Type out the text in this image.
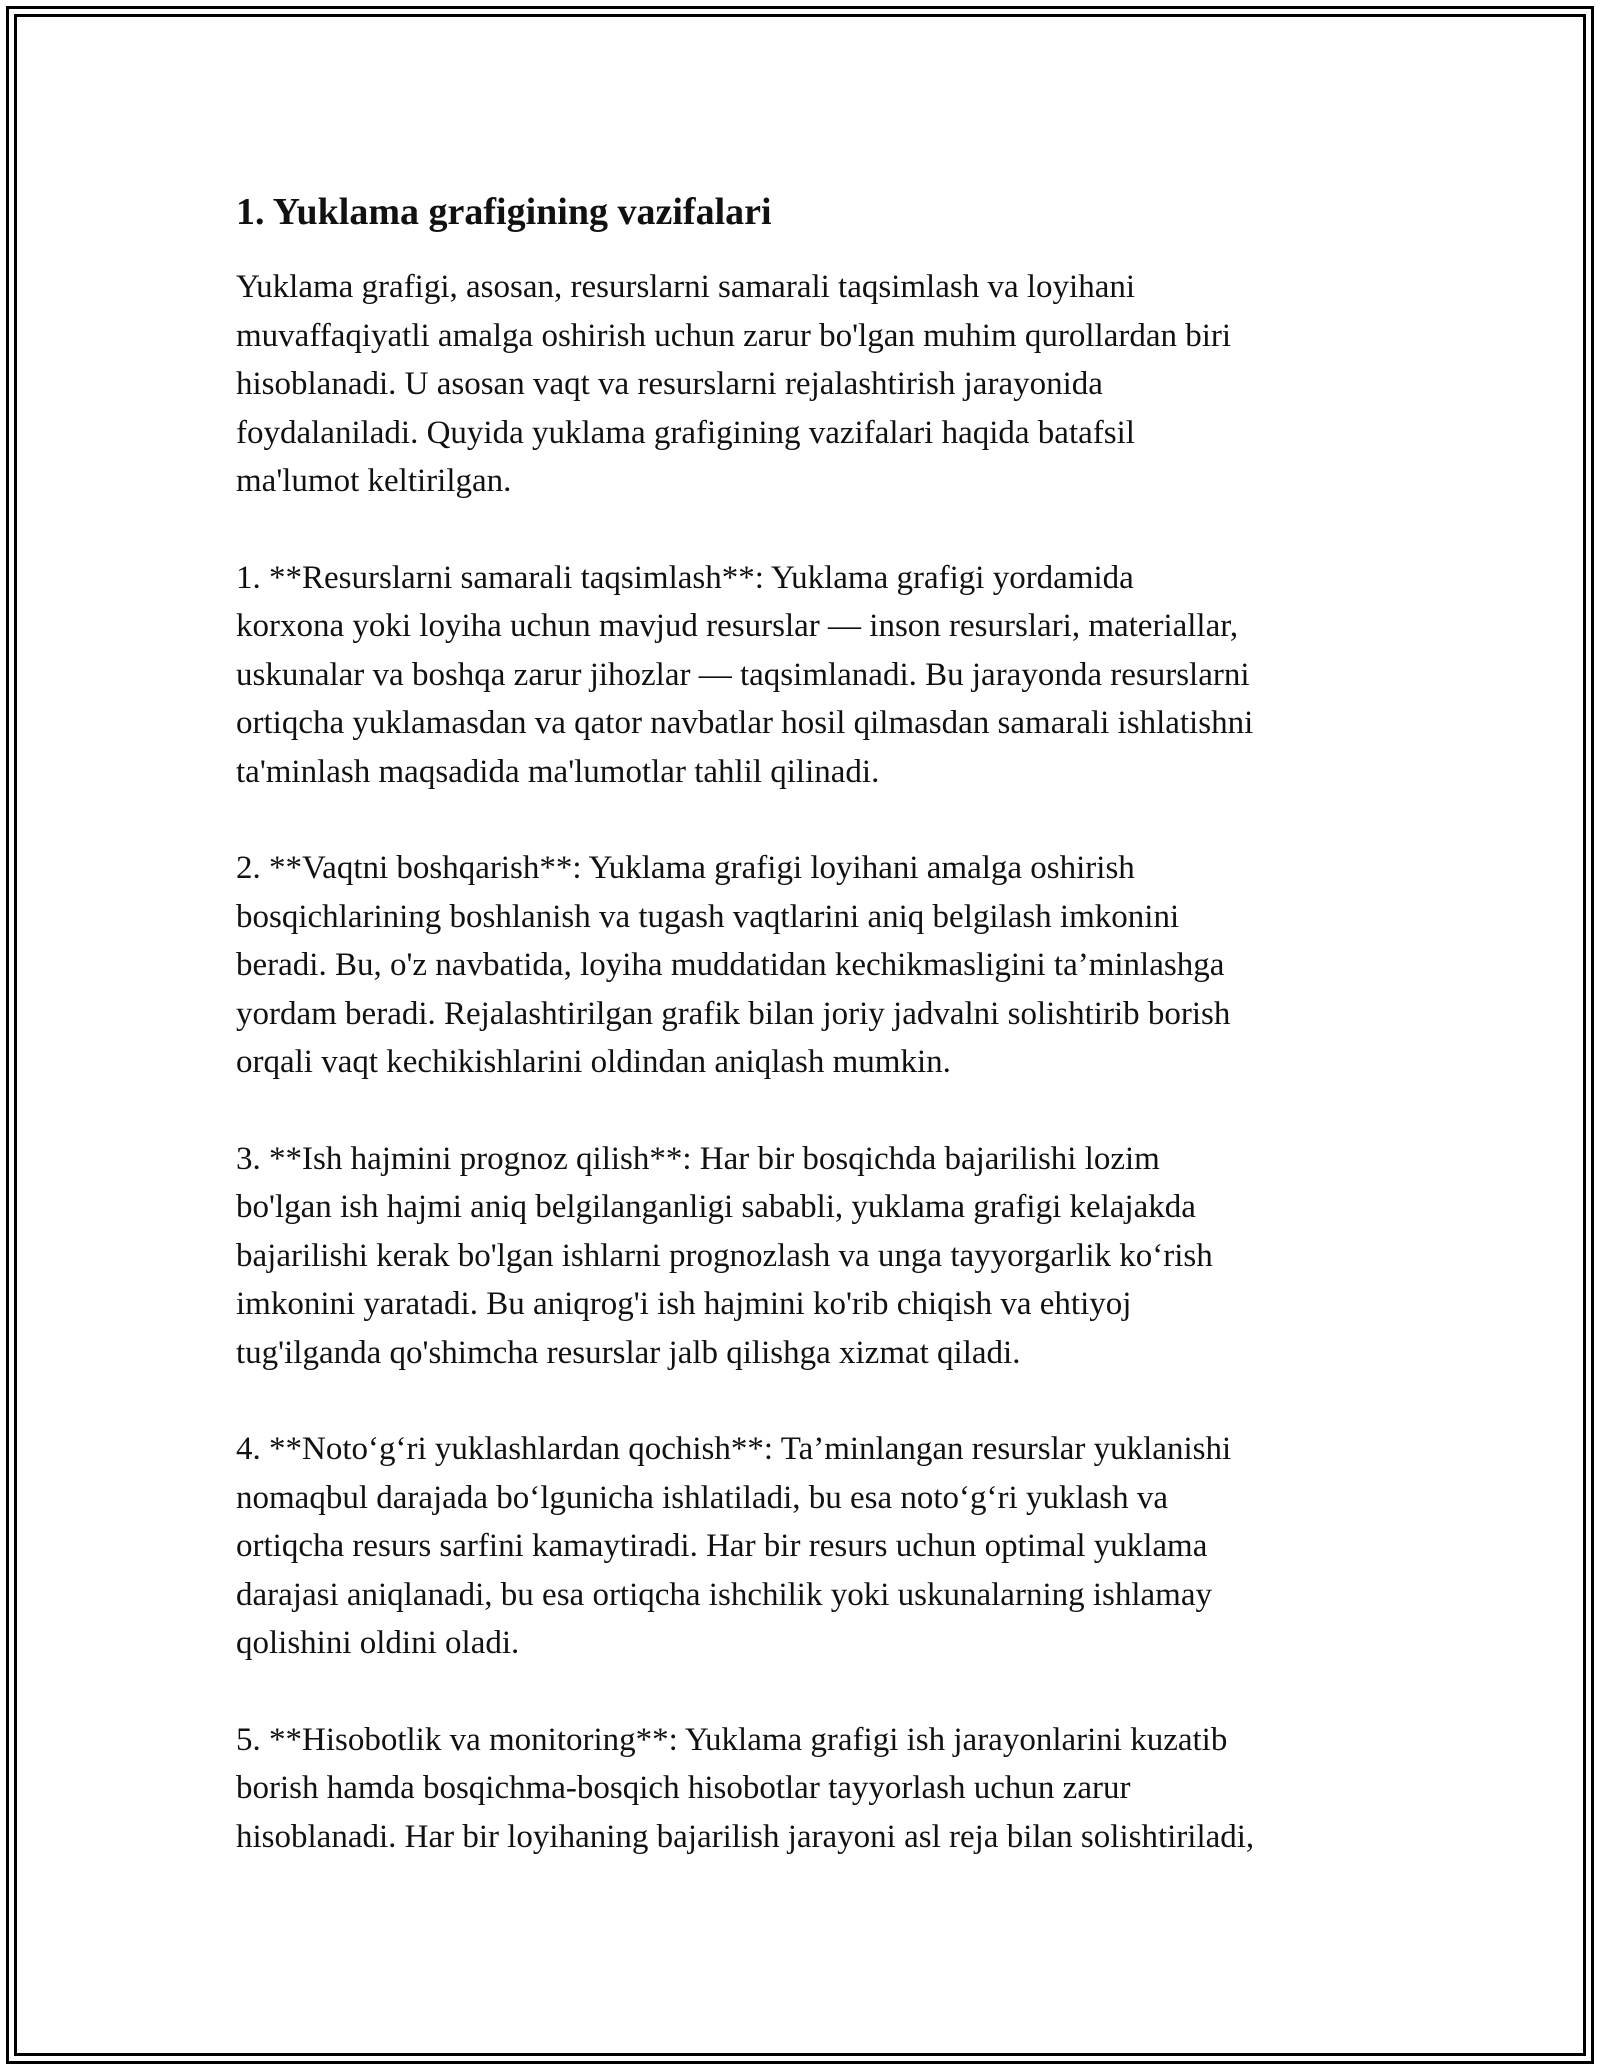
1. Yuklama grafigining vazifalari

Yuklama grafigi, asosan, resurslarni samarali taqsimlash va loyihani
muvaffaqiyatli amalga oshirish uchun zarur bo'lgan muhim qurollardan biri
hisoblanadi. U asosan vaqt va resurslarni rejalashtirish jarayonida
foydalaniladi. Quyida yuklama grafigining vazifalari haqida batafsil
ma'lumot keltirilgan.

1. **Resurslarni samarali taqsimlash**: Yuklama grafigi yordamida
korxona yoki loyiha uchun mavjud resurslar — inson resurslari, materiallar,
uskunalar va boshqa zarur jihozlar — taqsimlanadi. Bu jarayonda resurslarni
ortiqcha yuklamasdan va qator navbatlar hosil qilmasdan samarali ishlatishni
ta'minlash maqsadida ma'lumotlar tahlil qilinadi.

2. **Vaqtni boshqarish**: Yuklama grafigi loyihani amalga oshirish
bosqichlarining boshlanish va tugash vaqtlarini aniq belgilash imkonini
beradi. Bu, o'z navbatida, loyiha muddatidan kechikmasligini ta’minlashga
yordam beradi. Rejalashtirilgan grafik bilan joriy jadvalni solishtirib borish
orqali vaqt kechikishlarini oldindan aniqlash mumkin.

3. **Ish hajmini prognoz qilish**: Har bir bosqichda bajarilishi lozim
bo'lgan ish hajmi aniq belgilanganligi sababli, yuklama grafigi kelajakda
bajarilishi kerak bo'lgan ishlarni prognozlash va unga tayyorgarlik ko‘rish
imkonini yaratadi. Bu aniqrog'i ish hajmini ko'rib chiqish va ehtiyoj
tug'ilganda qo'shimcha resurslar jalb qilishga xizmat qiladi.

4. **Noto‘g‘ri yuklashlardan qochish**: Ta’minlangan resurslar yuklanishi
nomaqbul darajada bo‘lgunicha ishlatiladi, bu esa noto‘g‘ri yuklash va
ortiqcha resurs sarfini kamaytiradi. Har bir resurs uchun optimal yuklama
darajasi aniqlanadi, bu esa ortiqcha ishchilik yoki uskunalarning ishlamay
qolishini oldini oladi.

5. **Hisobotlik va monitoring**: Yuklama grafigi ish jarayonlarini kuzatib
borish hamda bosqichma-bosqich hisobotlar tayyorlash uchun zarur
hisoblanadi. Har bir loyihaning bajarilish jarayoni asl reja bilan solishtiriladi,
